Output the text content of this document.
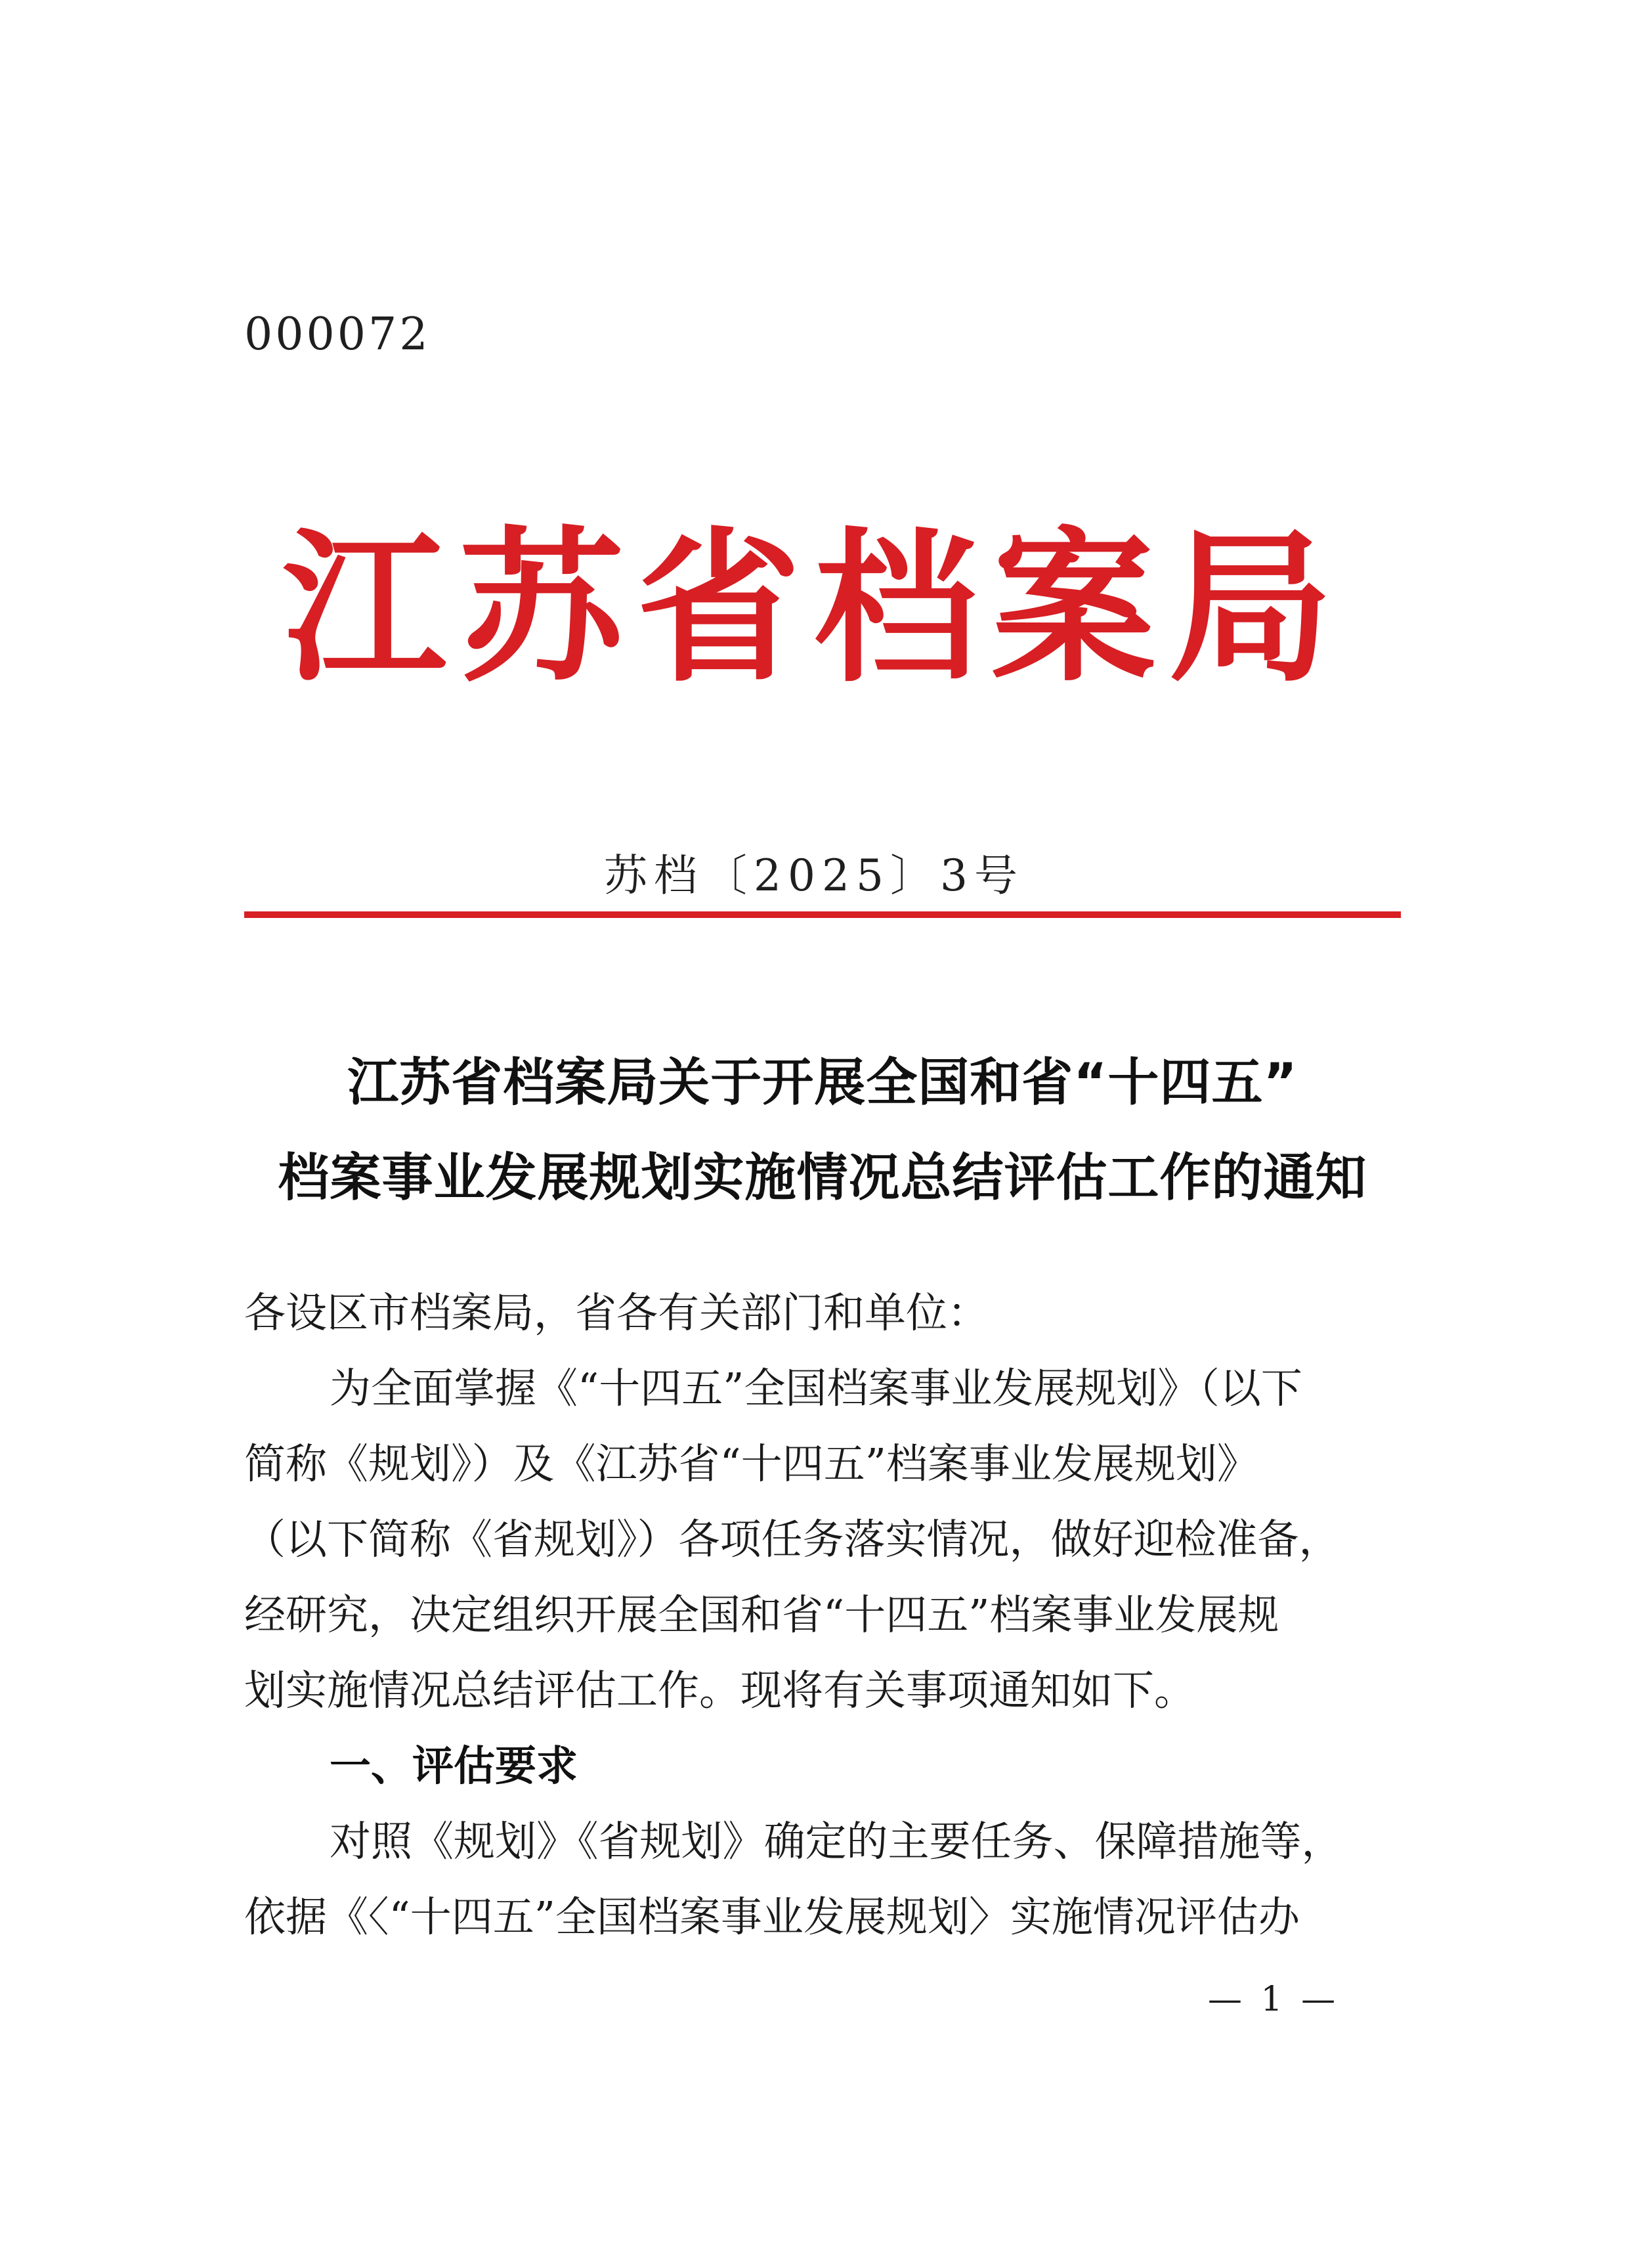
000072
江苏省档案局
苏档〔2025〕3号
江苏省档案局关于开展全国和省“十四五”
档案事业发展规划实施情况总结评估工作的通知
各设区市档案局，省各有关部门和单位：
为全面掌握《“十四五”全国档案事业发展规划》（以下
简称《规划》）及《江苏省“十四五”档案事业发展规划》
（以下简称《省规划》）各项任务落实情况，做好迎检准备，
经研究，决定组织开展全国和省“十四五”档案事业发展规
划实施情况总结评估工作。现将有关事项通知如下。
一、评估要求
对照《规划》《省规划》确定的主要任务、保障措施等，
依据《〈“十四五”全国档案事业发展规划〉实施情况评估办
— 1 —
